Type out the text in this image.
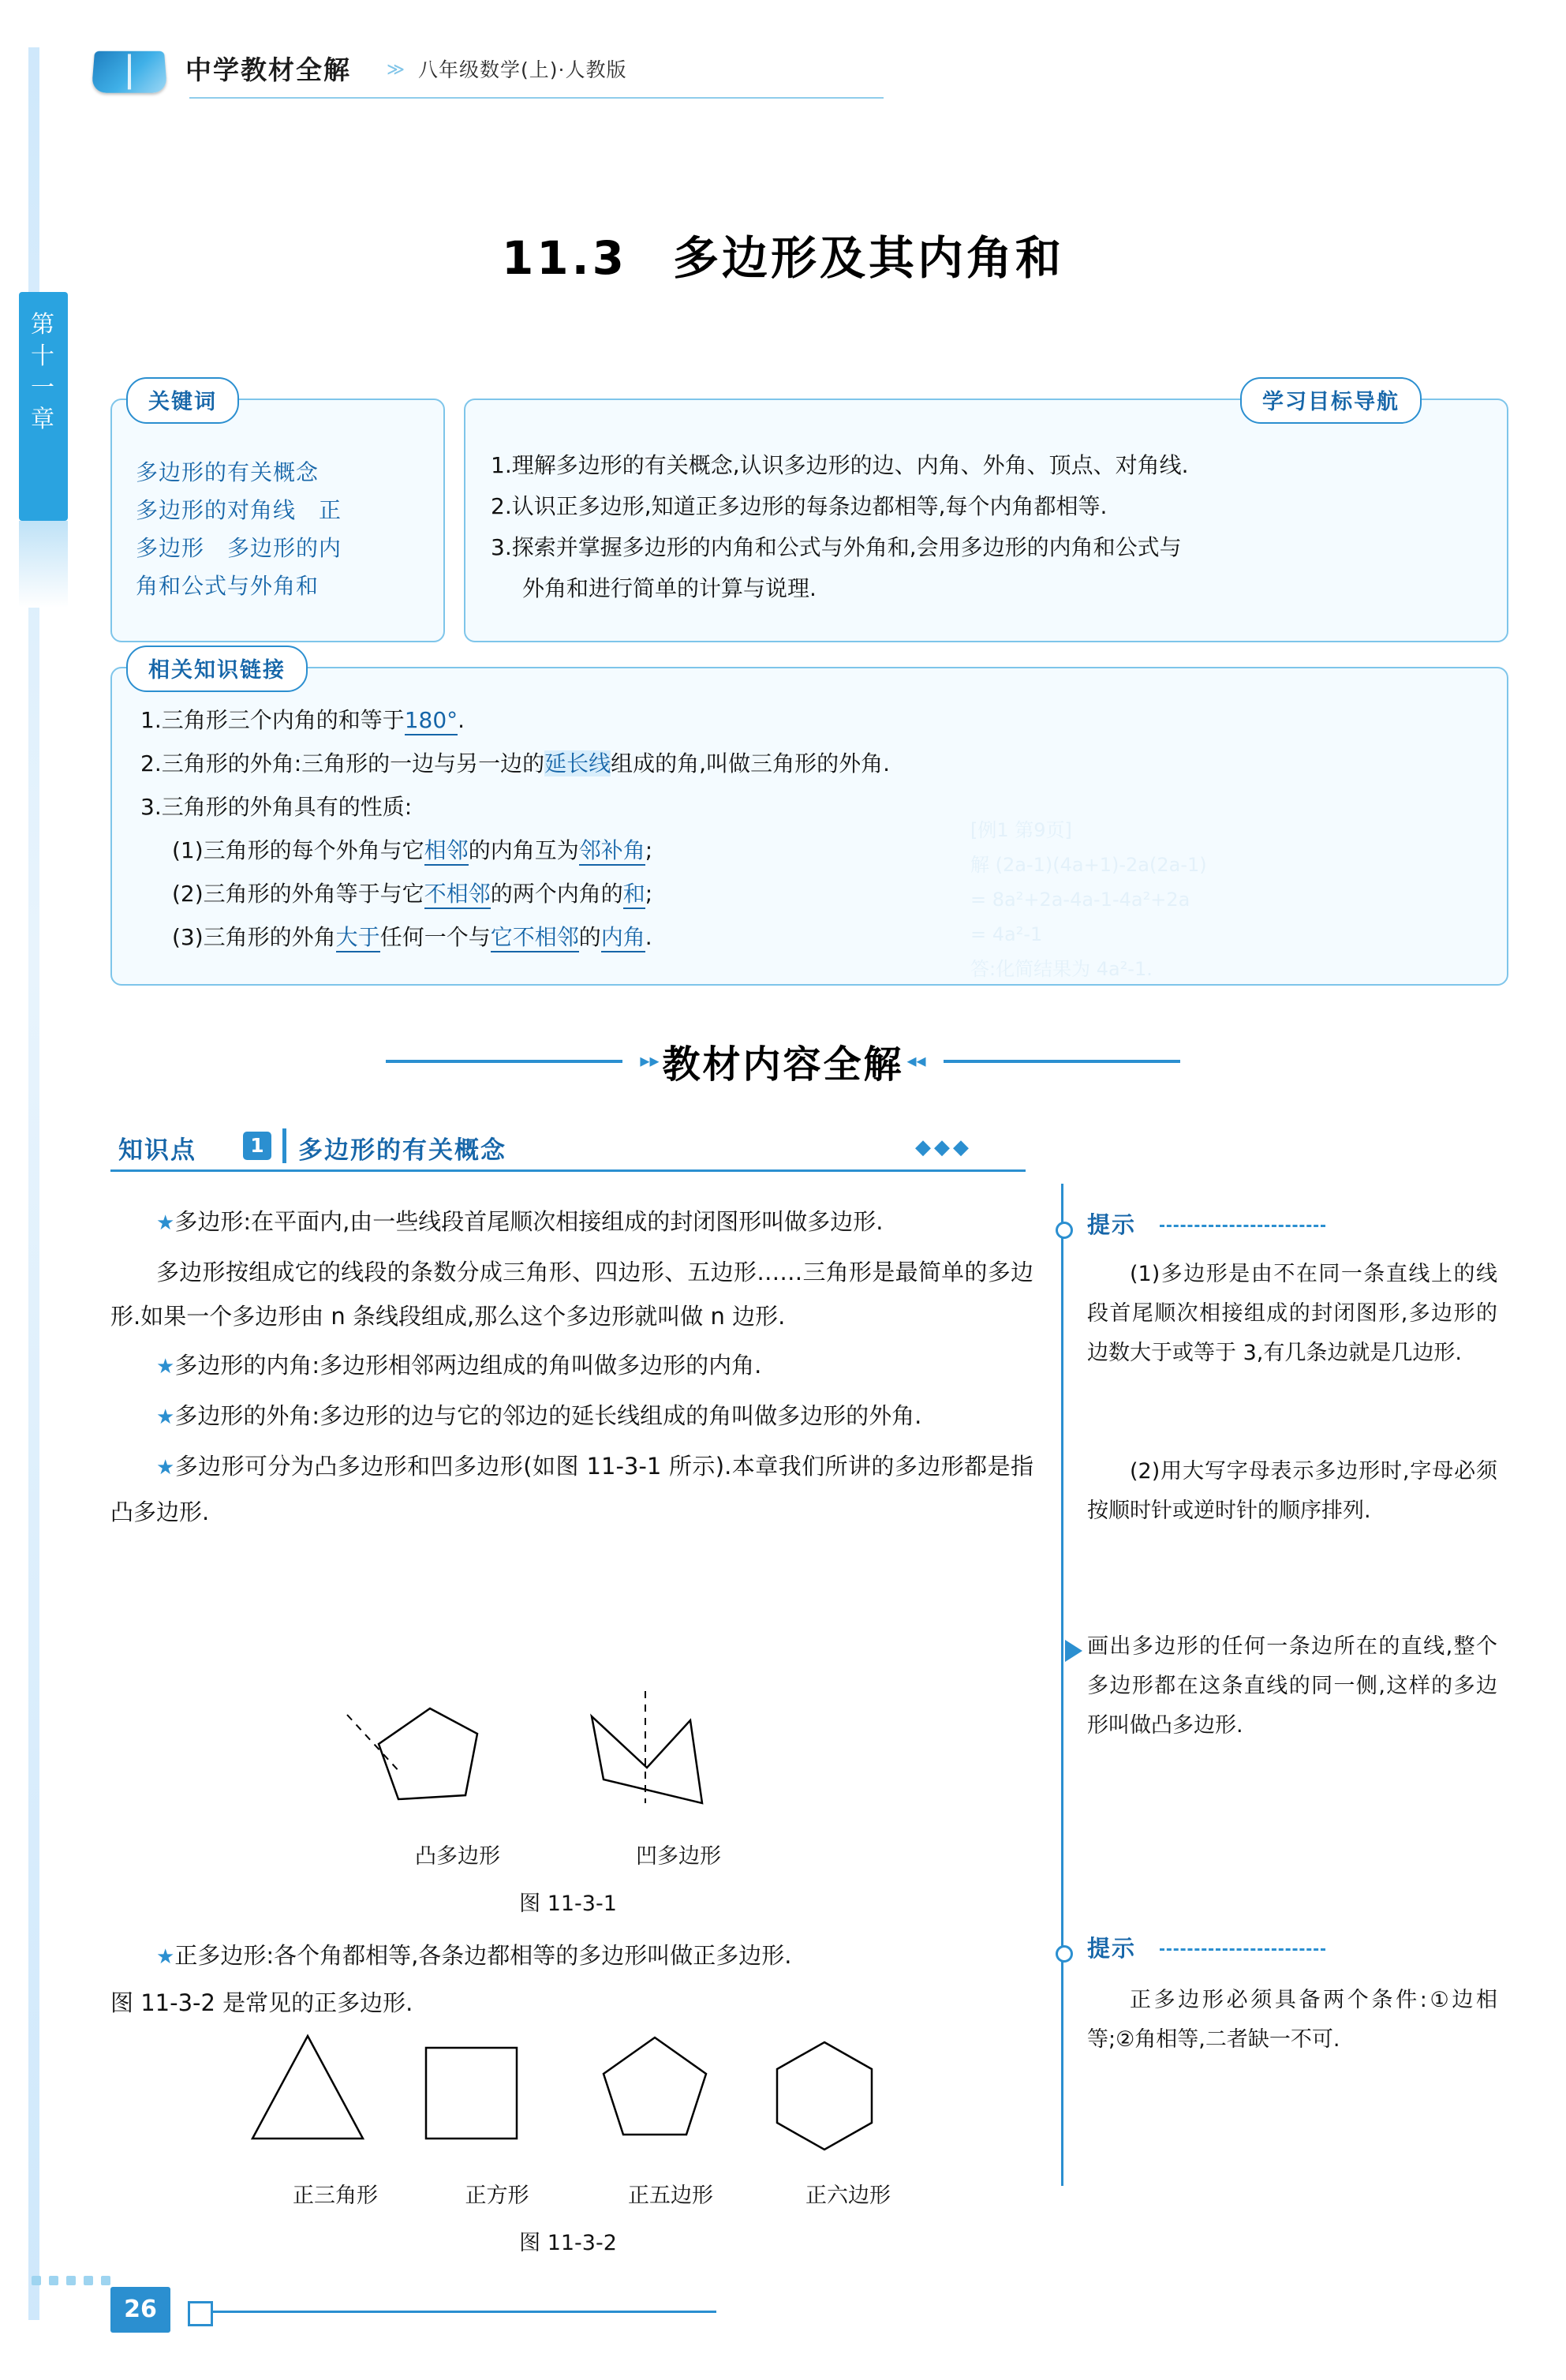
第
十
一
章
中学教材全解 ≫ 八年级数学(上)·人教版
11.3 多边形及其内角和
关键词
多边形的有关概念
多边形的对角线　正
多边形　多边形的内
角和公式与外角和
学习目标导航
1.理解多边形的有关概念,认识多边形的边、内角、外角、顶点、对角线.
2.认识正多边形,知道正多边形的每条边都相等,每个内角都相等.
3.探索并掌握多边形的内角和公式与外角和,会用多边形的内角和公式与
外角和进行简单的计算与说理.
相关知识链接
[例1 第9页]
解 (2a-1)(4a+1)-2a(2a-1)
= 8a²+2a-4a-1-4a²+2a
= 4a²-1
答:化简结果为 4a²-1.
1.三角形三个内角的和等于180°.
2.三角形的外角:三角形的一边与另一边的延长线组成的角,叫做三角形的外角.
3.三角形的外角具有的性质:
(1)三角形的每个外角与它相邻的内角互为邻补角;
(2)三角形的外角等于与它不相邻的两个内角的和;
(3)三角形的外角大于任何一个与它不相邻的内角.
▸▸教材内容全解 ◂◂
知识点	1 多边形的有关概念	◆◆◆

★多边形:在平面内,由一些线段首尾顺次相接组成的封闭图形叫做多边形.

多边形按组成它的线段的条数分成三角形、四边形、五边形……三角形是最简单的多边形.如果一个多边形由 n 条线段组成,那么这个多边形就叫做 n 边形.

★多边形的内角:多边形相邻两边组成的角叫做多边形的内角.

★多边形的外角:多边形的边与它的邻边的延长线组成的角叫做多边形的外角.

★多边形可分为凸多边形和凹多边形(如图 11-3-1 所示).本章我们所讲的多边形都是指凸多边形.

凸多边形	凹多边形
图 11-3-1

★正多边形:各个角都相等,各条边都相等的多边形叫做正多边形.

图 11-3-2 是常见的正多边形.

正三角形	正方形	正五边形	正六边形
图 11-3-2
提示
(1)多边形是由不在同一条直线上的线段首尾顺次相接组成的封闭图形,多边形的边数大于或等于 3,有几条边就是几边形.
(2)用大写字母表示多边形时,字母必须按顺时针或逆时针的顺序排列.
画出多边形的任何一条边所在的直线,整个多边形都在这条直线的同一侧,这样的多边形叫做凸多边形.
提示
正多边形必须具备两个条件:①边相等;②角相等,二者缺一不可.
26
